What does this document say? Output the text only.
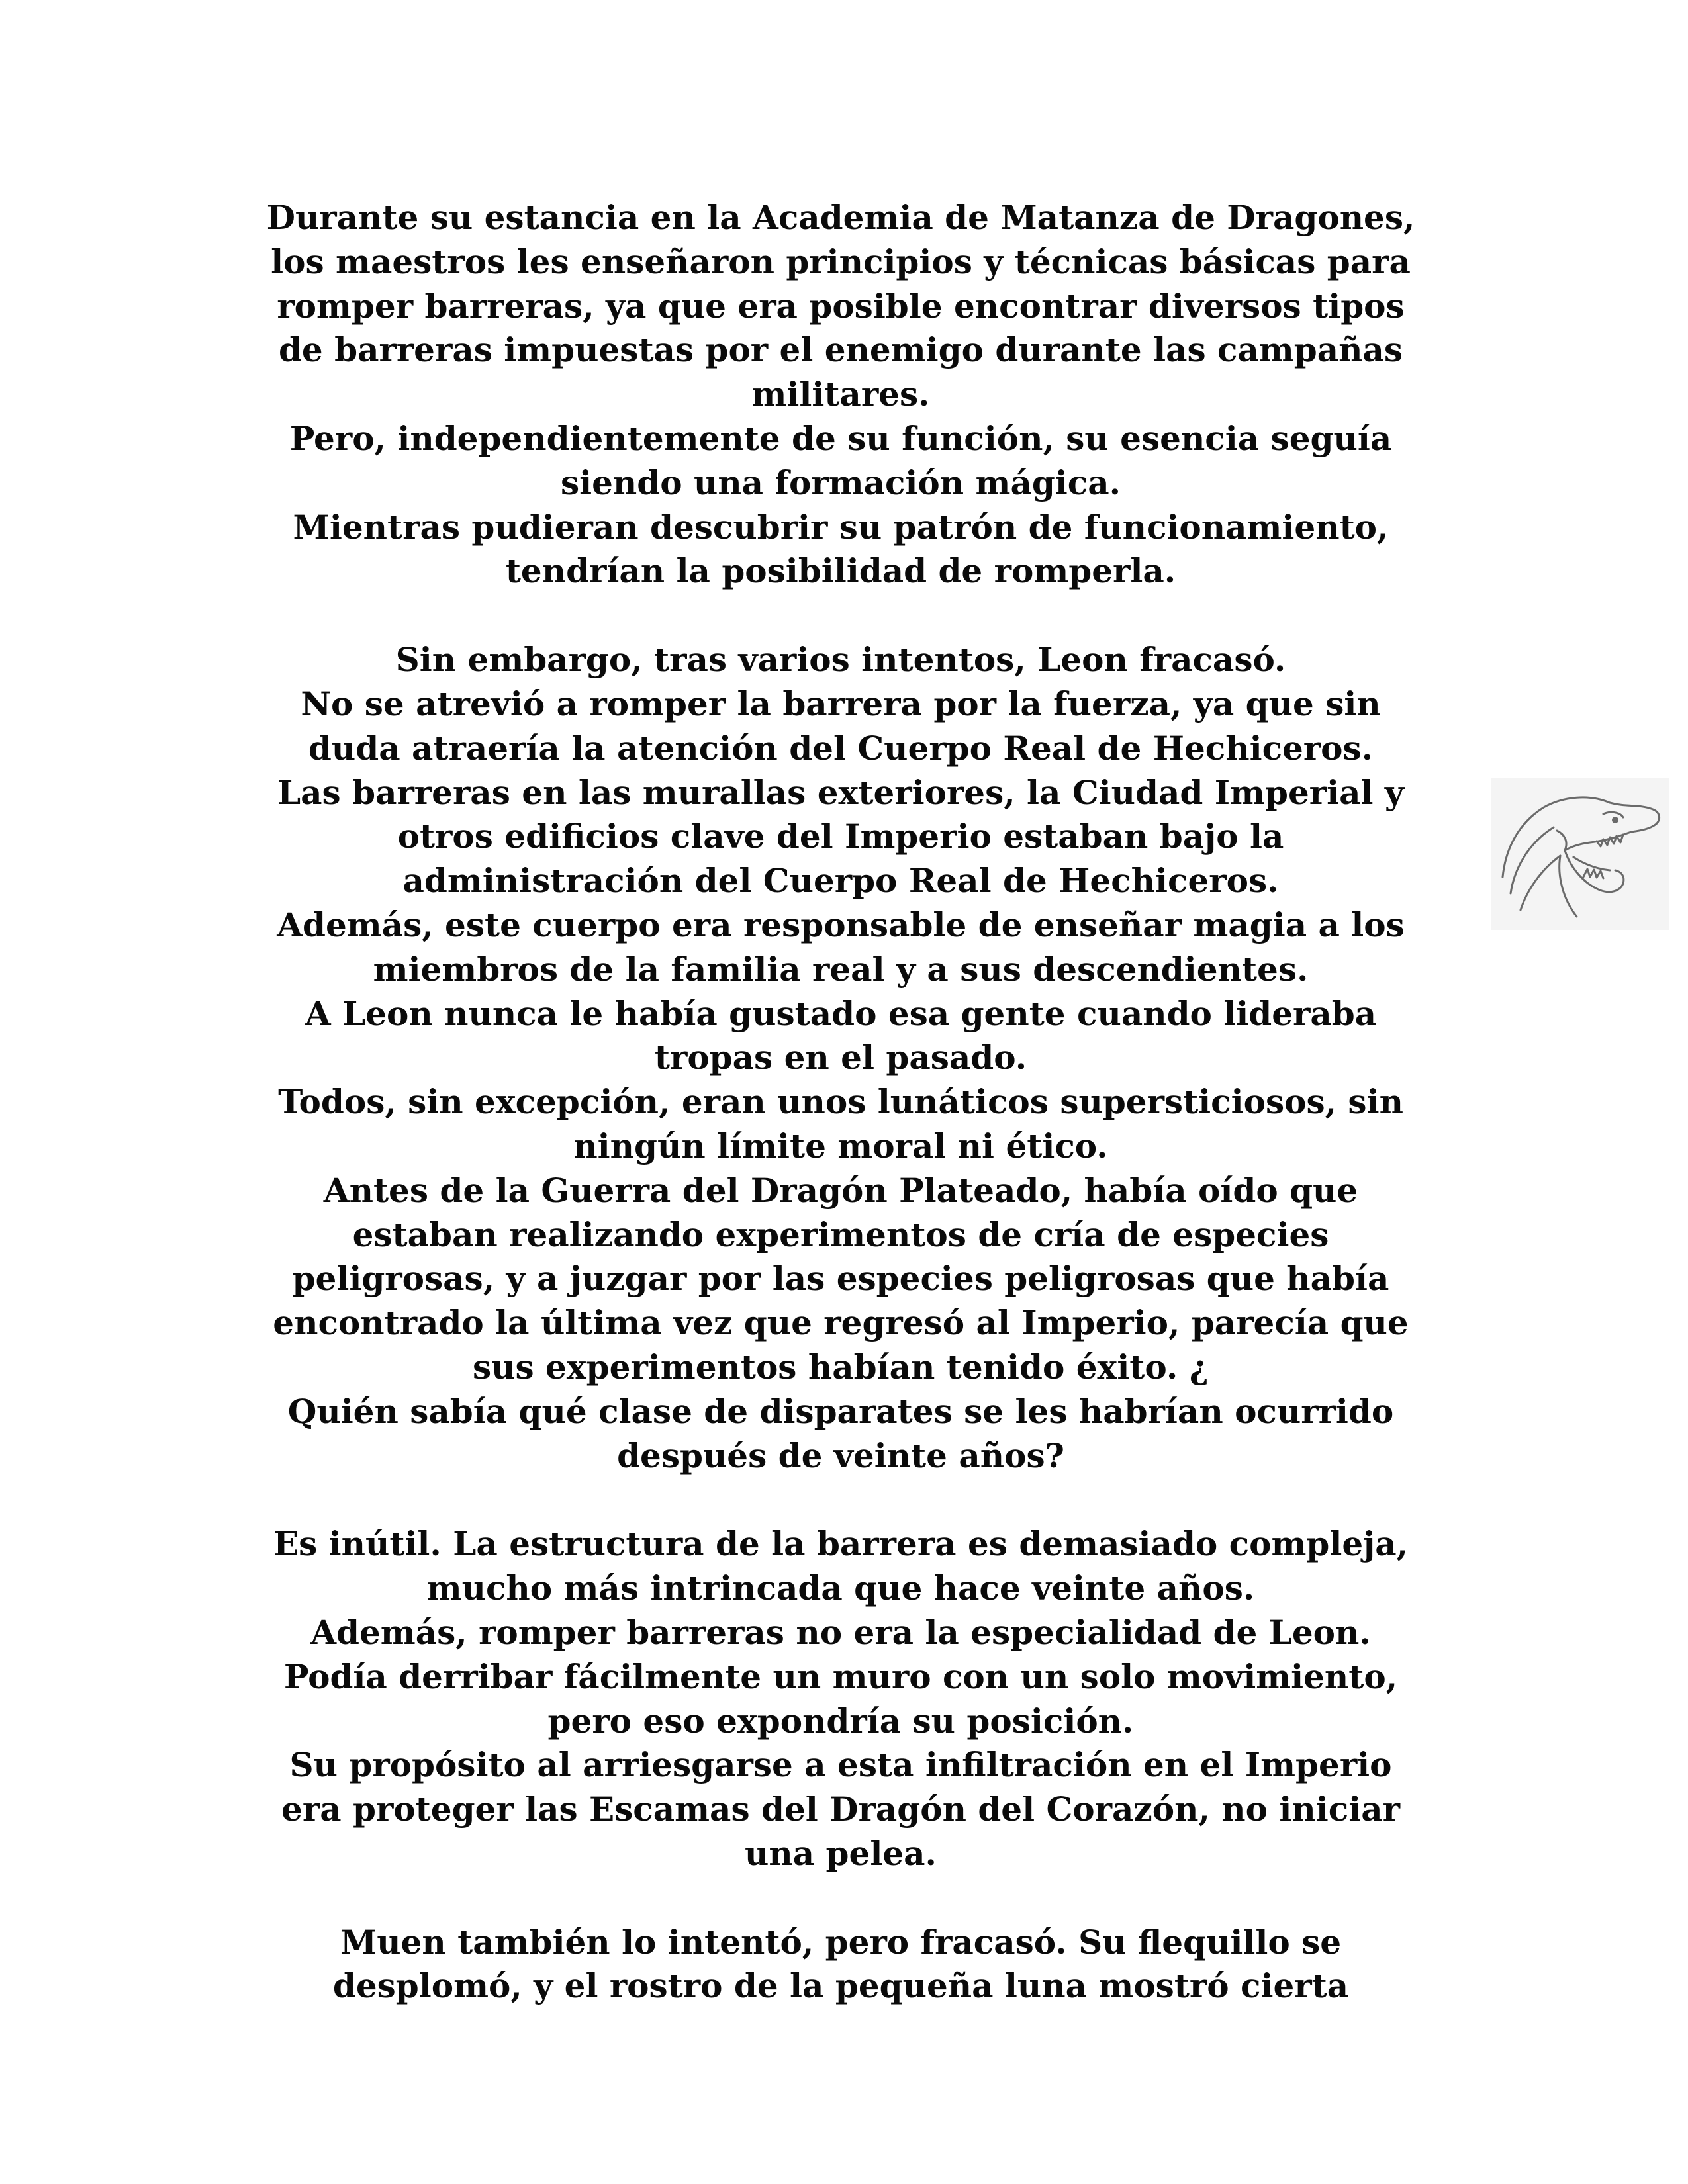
Durante su estancia en la Academia de Matanza de Dragones,
los maestros les enseñaron principios y técnicas básicas para
romper barreras, ya que era posible encontrar diversos tipos
de barreras impuestas por el enemigo durante las campañas
militares.
Pero, independientemente de su función, su esencia seguía
siendo una formación mágica.
Mientras pudieran descubrir su patrón de funcionamiento,
tendrían la posibilidad de romperla.

Sin embargo, tras varios intentos, Leon fracasó.
No se atrevió a romper la barrera por la fuerza, ya que sin
duda atraería la atención del Cuerpo Real de Hechiceros.
Las barreras en las murallas exteriores, la Ciudad Imperial y
otros edificios clave del Imperio estaban bajo la
administración del Cuerpo Real de Hechiceros.
Además, este cuerpo era responsable de enseñar magia a los
miembros de la familia real y a sus descendientes.
A Leon nunca le había gustado esa gente cuando lideraba
tropas en el pasado.
Todos, sin excepción, eran unos lunáticos supersticiosos, sin
ningún límite moral ni ético.
Antes de la Guerra del Dragón Plateado, había oído que
estaban realizando experimentos de cría de especies
peligrosas, y a juzgar por las especies peligrosas que había
encontrado la última vez que regresó al Imperio, parecía que
sus experimentos habían tenido éxito. ¿
Quién sabía qué clase de disparates se les habrían ocurrido
después de veinte años?

Es inútil. La estructura de la barrera es demasiado compleja,
mucho más intrincada que hace veinte años.
Además, romper barreras no era la especialidad de Leon.
Podía derribar fácilmente un muro con un solo movimiento,
pero eso expondría su posición.
Su propósito al arriesgarse a esta infiltración en el Imperio
era proteger las Escamas del Dragón del Corazón, no iniciar
una pelea.

Muen también lo intentó, pero fracasó. Su flequillo se
desplomó, y el rostro de la pequeña luna mostró cierta
